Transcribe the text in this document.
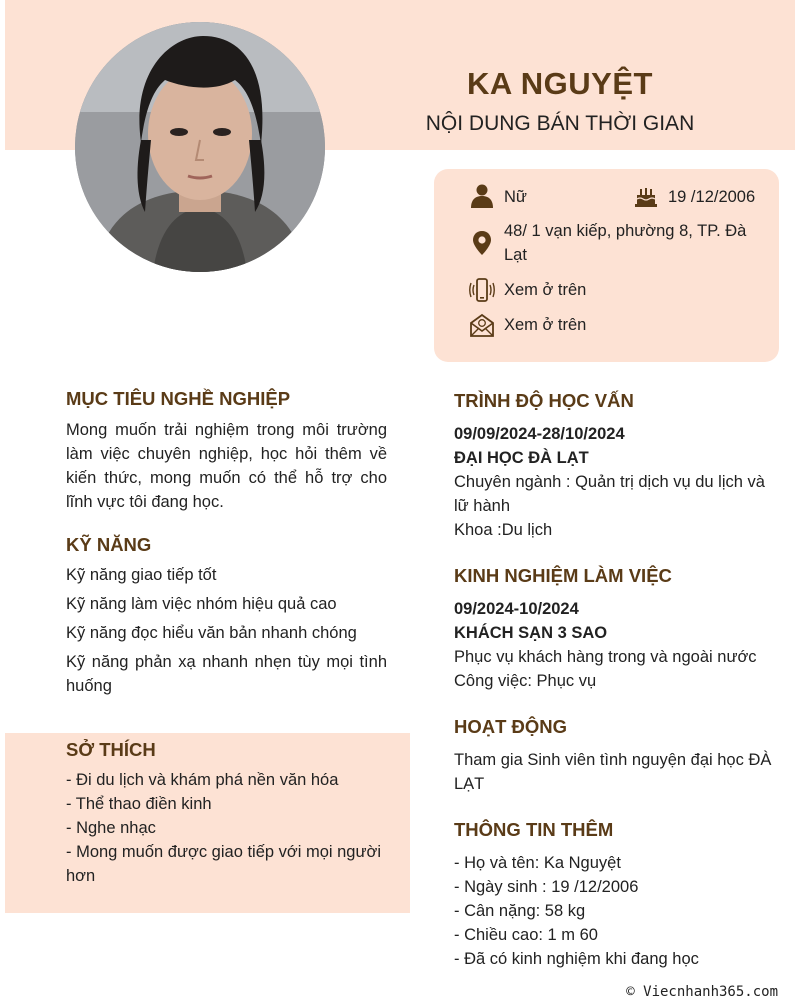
KA NGUYỆT
NỘI DUNG BÁN THỜI GIAN
Nữ	19 /12/2006
48/ 1 vạn kiếp, phường 8, TP. Đà Lạt
Xem ở trên
Xem ở trên
MỤC TIÊU NGHỀ NGHIỆP
Mong muốn trải nghiệm trong môi trường làm việc chuyên nghiệp, học hỏi thêm về kiến thức, mong muốn có thể hỗ trợ cho lĩnh vực tôi đang học.
KỸ NĂNG
Kỹ năng giao tiếp tốt
Kỹ năng làm việc nhóm hiệu quả cao
Kỹ năng đọc hiểu văn bản nhanh chóng
Kỹ năng phản xạ nhanh nhẹn tùy mọi tình huống
SỞ THÍCH
- Đi du lịch và khám phá nền văn hóa
- Thể thao điền kinh
- Nghe nhạc
- Mong muốn được giao tiếp với mọi người hơn
TRÌNH ĐỘ HỌC VẤN
09/09/2024-28/10/2024
ĐẠI HỌC ĐÀ LẠT
Chuyên ngành : Quản trị dịch vụ du lịch và lữ hành
Khoa :Du lịch
KINH NGHIỆM LÀM VIỆC
09/2024-10/2024
KHÁCH SẠN 3 SAO
Phục vụ khách hàng trong và ngoài nước
Công việc: Phục vụ
HOẠT ĐỘNG
Tham gia Sinh viên tình nguyện đại học ĐÀ LẠT
THÔNG TIN THÊM
- Họ và tên: Ka Nguyệt
- Ngày sinh : 19 /12/2006
- Cân nặng: 58 kg
- Chiều cao: 1 m 60
- Đã có kinh nghiệm khi đang học
© Viecnhanh365.com
